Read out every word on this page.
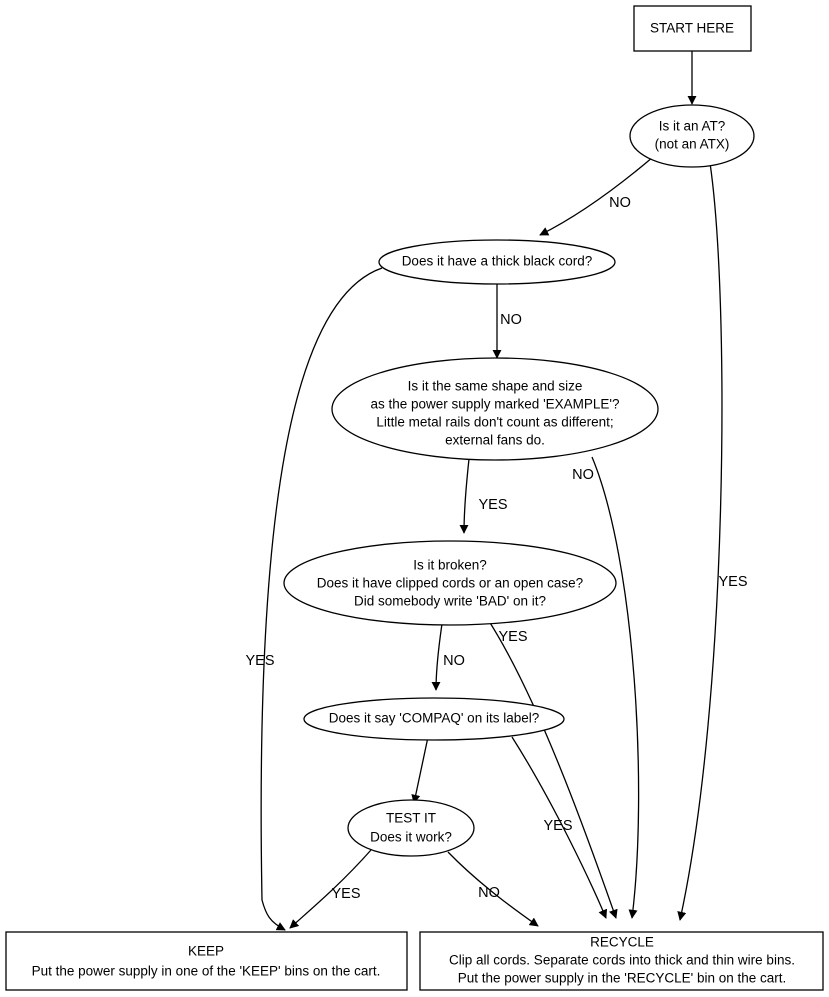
START HERE
Is it an AT?
(not an ATX)
Does it have a thick black cord?
Is it the same shape and size
as the power supply marked 'EXAMPLE'?
Little metal rails don't count as different;
external fans do.
Is it broken?
Does it have clipped cords or an open case?
Did somebody write 'BAD' on it?
Does it say 'COMPAQ' on its label?
TEST IT
Does it work?
KEEP
Put the power supply in one of the 'KEEP' bins on the cart.
RECYCLE
Clip all cords. Separate cords into thick and thin wire bins.
Put the power supply in the 'RECYCLE' bin on the cart.
NO
YES
NO
YES
YES
NO
NO
YES
YES
YES	NO
